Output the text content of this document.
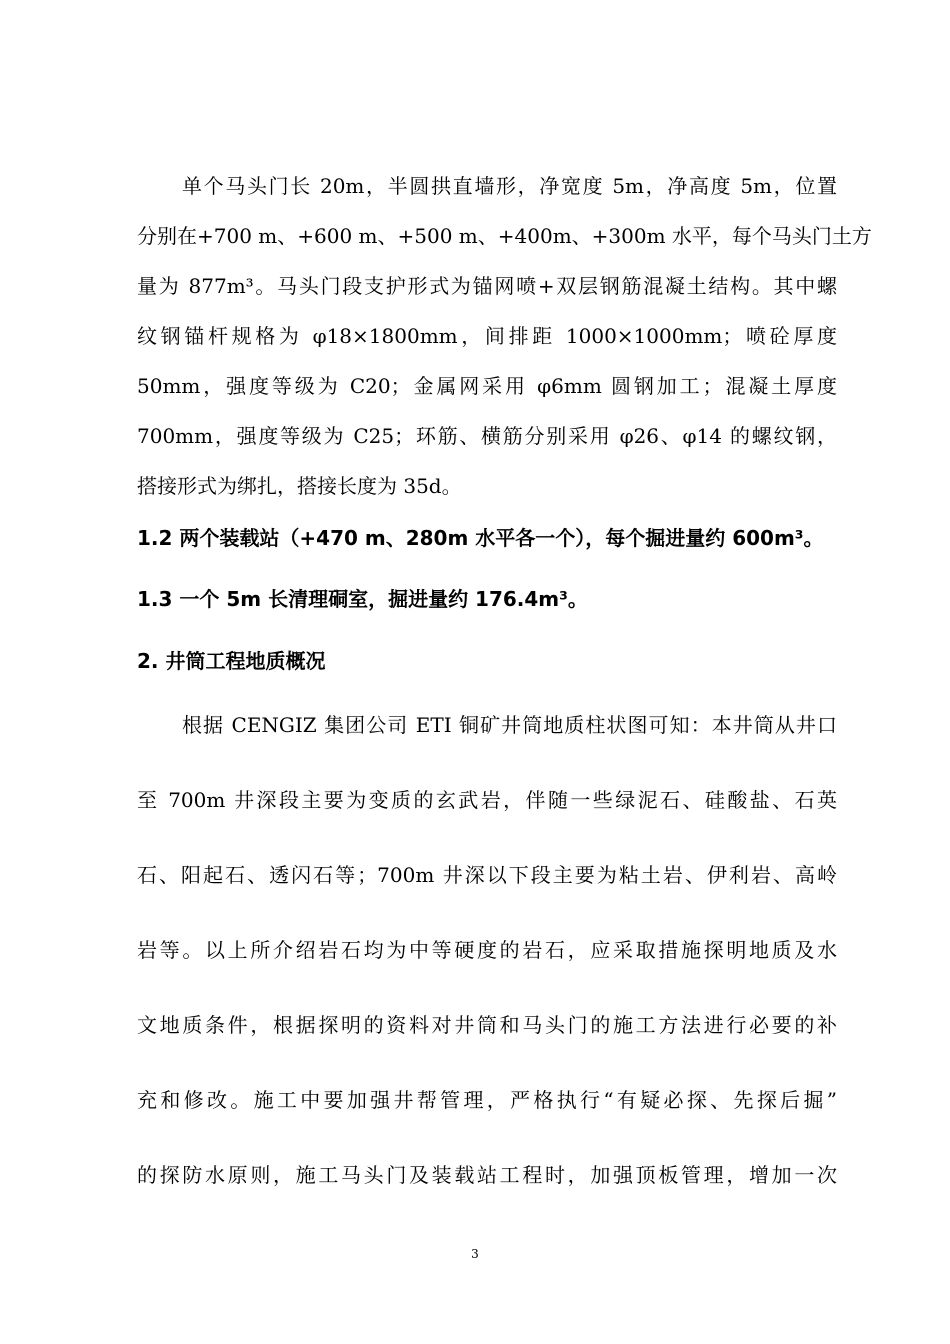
单个马头门长 20m，半圆拱直墙形，净宽度 5m，净高度 5m，位置
分别在+700 m、+600 m、+500 m、+400m、+300m 水平，每个马头门土方
量为 877m³。马头门段支护形式为锚网喷+双层钢筋混凝土结构。其中螺
纹钢锚杆规格为 φ18×1800mm，间排距 1000×1000mm；喷砼厚度
50mm，强度等级为 C20；金属网采用 φ6mm 圆钢加工；混凝土厚度
700mm，强度等级为 C25；环筋、横筋分别采用 φ26、φ14 的螺纹钢，
搭接形式为绑扎，搭接长度为 35d。
1.2 两个装载站（+470 m、280m 水平各一个），每个掘进量约 600m³。
1.3 一个 5m 长清理硐室，掘进量约 176.4m³。
2. 井筒工程地质概况
根据 CENGIZ 集团公司 ETI 铜矿井筒地质柱状图可知：本井筒从井口
至 700m 井深段主要为变质的玄武岩，伴随一些绿泥石、硅酸盐、石英
石、阳起石、透闪石等；700m 井深以下段主要为粘土岩、伊利岩、高岭
岩等。以上所介绍岩石均为中等硬度的岩石，应采取措施探明地质及水
文地质条件，根据探明的资料对井筒和马头门的施工方法进行必要的补
充和修改。施工中要加强井帮管理，严格执行“有疑必探、先探后掘”
的探防水原则，施工马头门及装载站工程时，加强顶板管理，增加一次
3
